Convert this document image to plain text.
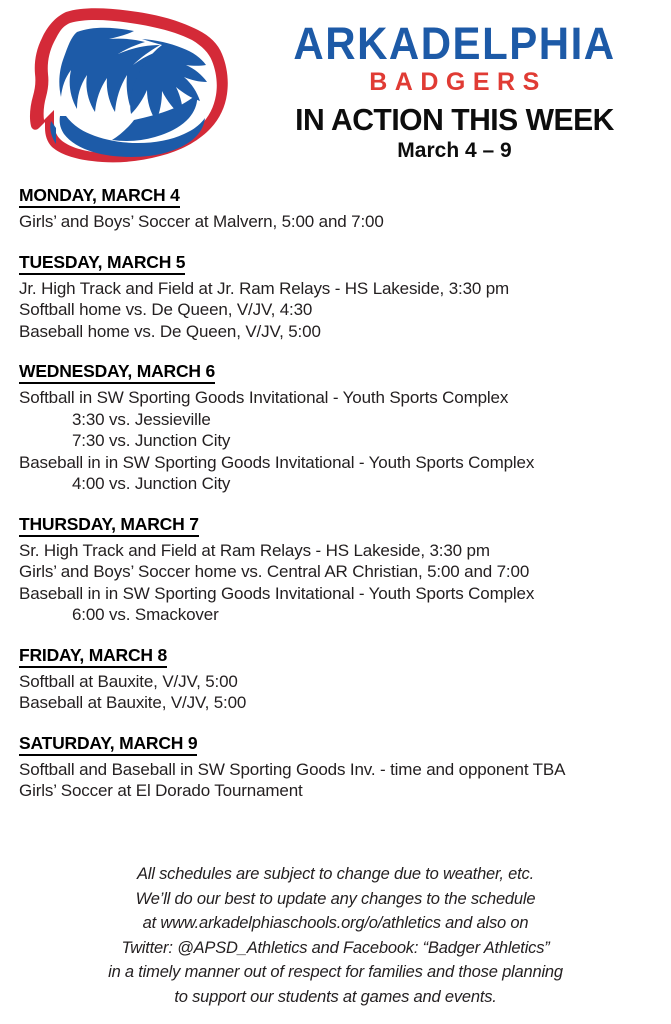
ARKADELPHIA
BADGERS
IN ACTION THIS WEEK
March 4 – 9
MONDAY, MARCH 4
Girls’ and Boys’ Soccer at Malvern, 5:00 and 7:00
TUESDAY, MARCH 5
Jr. High Track and Field at Jr. Ram Relays - HS Lakeside, 3:30 pm
Softball home vs. De Queen, V/JV, 4:30
Baseball home vs. De Queen, V/JV, 5:00
WEDNESDAY, MARCH 6
Softball in SW Sporting Goods Invitational - Youth Sports Complex
3:30 vs. Jessieville
7:30 vs. Junction City
Baseball in in SW Sporting Goods Invitational - Youth Sports Complex
4:00 vs. Junction City
THURSDAY, MARCH 7
Sr. High Track and Field at Ram Relays - HS Lakeside, 3:30 pm
Girls’ and Boys’ Soccer home vs. Central AR Christian, 5:00 and 7:00
Baseball in in SW Sporting Goods Invitational - Youth Sports Complex
6:00 vs. Smackover
FRIDAY, MARCH 8
Softball at Bauxite, V/JV, 5:00
Baseball at Bauxite, V/JV, 5:00
SATURDAY, MARCH 9
Softball and Baseball in SW Sporting Goods Inv. - time and opponent TBA
Girls’ Soccer at El Dorado Tournament
All schedules are subject to change due to weather, etc.
We’ll do our best to update any changes to the schedule
at www.arkadelphiaschools.org/o/athletics and also on
Twitter: @APSD_Athletics and Facebook: “Badger Athletics”
in a timely manner out of respect for families and those planning
to support our students at games and events.
